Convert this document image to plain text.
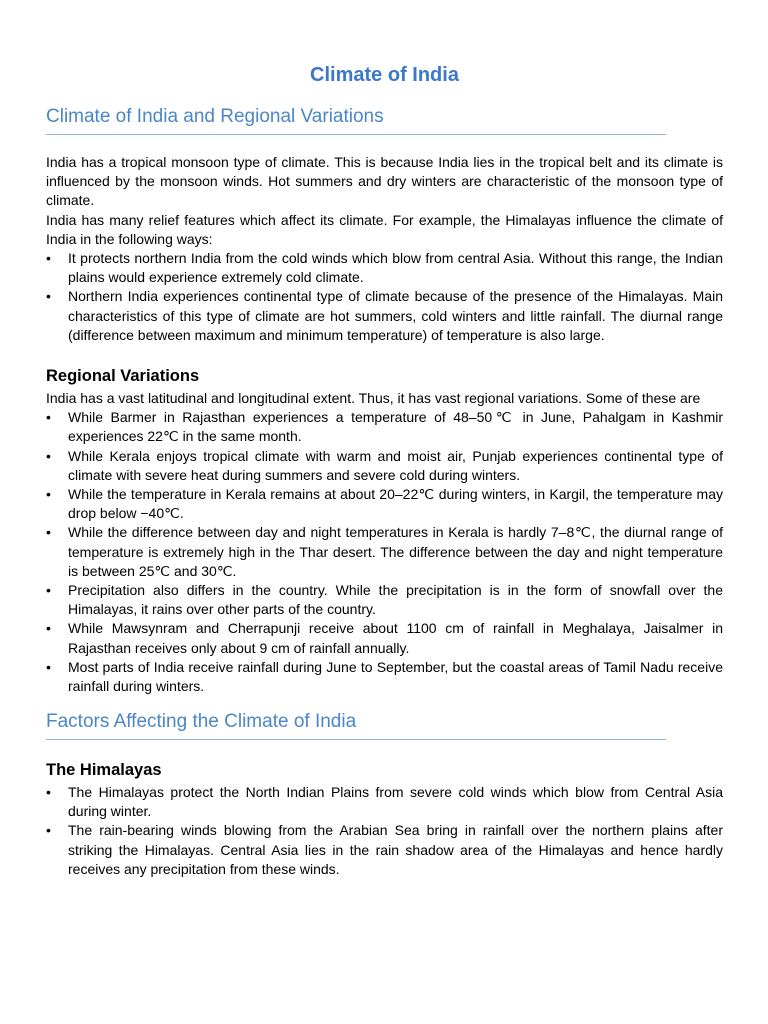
Climate of India
Climate of India and Regional Variations

India has a tropical monsoon type of climate. This is because India lies in the tropical belt and its climate is influenced by the monsoon winds. Hot summers and dry winters are characteristic of the monsoon type of climate.

India has many relief features which affect its climate. For example, the Himalayas influence the climate of India in the following ways:

• It protects northern India from the cold winds which blow from central Asia. Without this range, the Indian plains would experience extremely cold climate.
• Northern India experiences continental type of climate because of the presence of the Himalayas. Main characteristics of this type of climate are hot summers, cold winters and little rainfall. The diurnal range (difference between maximum and minimum temperature) of temperature is also large.
Regional Variations

India has a vast latitudinal and longitudinal extent. Thus, it has vast regional variations. Some of these are

• While Barmer in Rajasthan experiences a temperature of 48–50℃ in June, Pahalgam in Kashmir experiences 22℃ in the same month.
• While Kerala enjoys tropical climate with warm and moist air, Punjab experiences continental type of climate with severe heat during summers and severe cold during winters.
• While the temperature in Kerala remains at about 20–22℃ during winters, in Kargil, the temperature may drop below −40℃.
• While the difference between day and night temperatures in Kerala is hardly 7–8℃, the diurnal range of temperature is extremely high in the Thar desert. The difference between the day and night temperature is between 25℃ and 30℃.
• Precipitation also differs in the country. While the precipitation is in the form of snowfall over the Himalayas, it rains over other parts of the country.
• While Mawsynram and Cherrapunji receive about 1100 cm of rainfall in Meghalaya, Jaisalmer in Rajasthan receives only about 9 cm of rainfall annually.
• Most parts of India receive rainfall during June to September, but the coastal areas of Tamil Nadu receive rainfall during winters.
Factors Affecting the Climate of India
The Himalayas
• The Himalayas protect the North Indian Plains from severe cold winds which blow from Central Asia during winter.
• The rain-bearing winds blowing from the Arabian Sea bring in rainfall over the northern plains after striking the Himalayas. Central Asia lies in the rain shadow area of the Himalayas and hence hardly receives any precipitation from these winds.
